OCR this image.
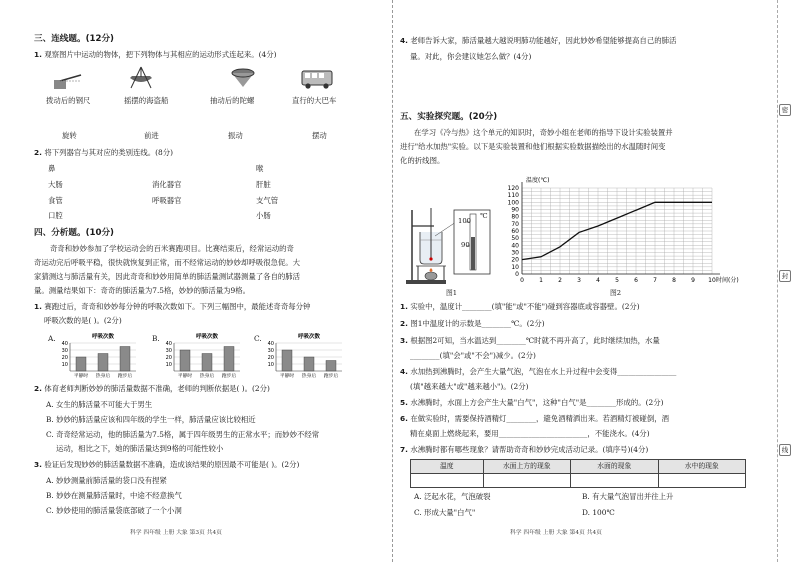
密
封
线
三、连线题。(12分)
1. 观察图片中运动的物体，把下列物体与其相应的运动形式连起来。(4分)
拨动后的钢尺	摇摆的海盗船	抽动后的陀螺	直行的大巴车
旋转	前进	振动	摆动
2. 将下列器官与其对应的类别连线。(8分)
鼻	喉
大肠	消化器官	肝脏
食管	呼吸器官	支气管
口腔	小肠
四、分析题。(10分)
奇奇和妙妙参加了学校运动会的百米赛跑项目。比赛结束后，经常运动的奇
奇运动完后呼吸平稳，很快就恢复到正常，而不经常运动的妙妙却呼吸很急促。大
家猜测这与肺活量有关，因此奇奇和妙妙用简单的肺活量测试器测量了各自的肺活
量。测量结果如下：奇奇的肺活量为7.5格，妙妙的肺活量为9格。
1. 赛跑过后，奇奇和妙妙每分钟的呼吸次数如下。下列三幅图中，最能述奇奇每分钟
呼吸次数的是( )。(2分)
A.	呼吸次数
10
20
30
40
平静时 热身后 跑步后
B.	呼吸次数
10
20
30
40
平静时 热身后 跑步后
C.	呼吸次数
10
20
30
40
平静时 热身后 跑步后
2. 体育老师判断妙妙的肺活量数据不准确，老师的判断依据是( )。(2分)
A. 女生的肺活量不可能大于男生
B. 妙妙的肺活量应该和四年级的学生一样，肺活量应该比较相近
C. 奇奇经常运动，他的肺活量为7.5格，属于四年级男生的正常水平；而妙妙不经常
运动，相比之下，她的肺活量达到9格的可能性较小
3. 验证后发现妙妙的肺活量数据不准确，造成该结果的原因最不可能是( )。(2分)
A. 妙妙测量前肺活量的袋口没有捏紧
B. 妙妙在测量肺活量时，中途不经意换气
C. 妙妙使用的肺活量袋底部破了一个小洞
科学 四年级 上册 大象 第3页 共4页
4. 老师告诉大家，肺活量越大越说明肺功能越好，因此妙妙希望能够提高自己的肺活
量。对此，你会建议她怎么做？(4分)
五、实验探究题。(20分)
在学习《冷与热》这个单元的知识时，奇妙小组在老师的指导下设计实验装置并
进行"给水加热"实验。以下是实验装置和他们根据实验数据描绘出的水温随时间变
化的折线图。
100
90
℃
图1
0
10
20
30
40
50
60
70
80
90
100
110
120
0	1	2	3	4	5	6	7	8	9 10
温度(℃)
时间(分)
图2
1. 实验中，温度计________(填"能"或"不能")碰到容器底或容器壁。(2分)
2. 图1中温度计的示数是________℃。(2分)
3. 根据图2可知，当水温达到________℃时就不再升高了，此时继续加热，水量
________(填"会"或"不会")减少。(2分)
4. 水加热到沸腾时，会产生大量气泡，气泡在水上升过程中会变得________________
(填"越来越大"或"越来越小")。(2分)
5. 水沸腾时，水面上方会产生大量"白气"，这种"白气"是________形成的。(2分)
6. 在做实验时，需要保持酒精灯________，避免酒精洒出来。若酒精灯被碰倒，酒
精在桌面上燃烧起来，要用________________________，不能浇水。(4分)
7. 水沸腾时都有哪些现象？请帮助奇奇和妙妙完成活动记录。(填序号)(4分)
温度	水面上方的现象	水面的现象	水中的现象

A. 泛起水花，气泡破裂	B. 有大量气泡冒出并往上升
C. 形成大量"白气"	D. 100℃
科学 四年级 上册 大象 第4页 共4页
